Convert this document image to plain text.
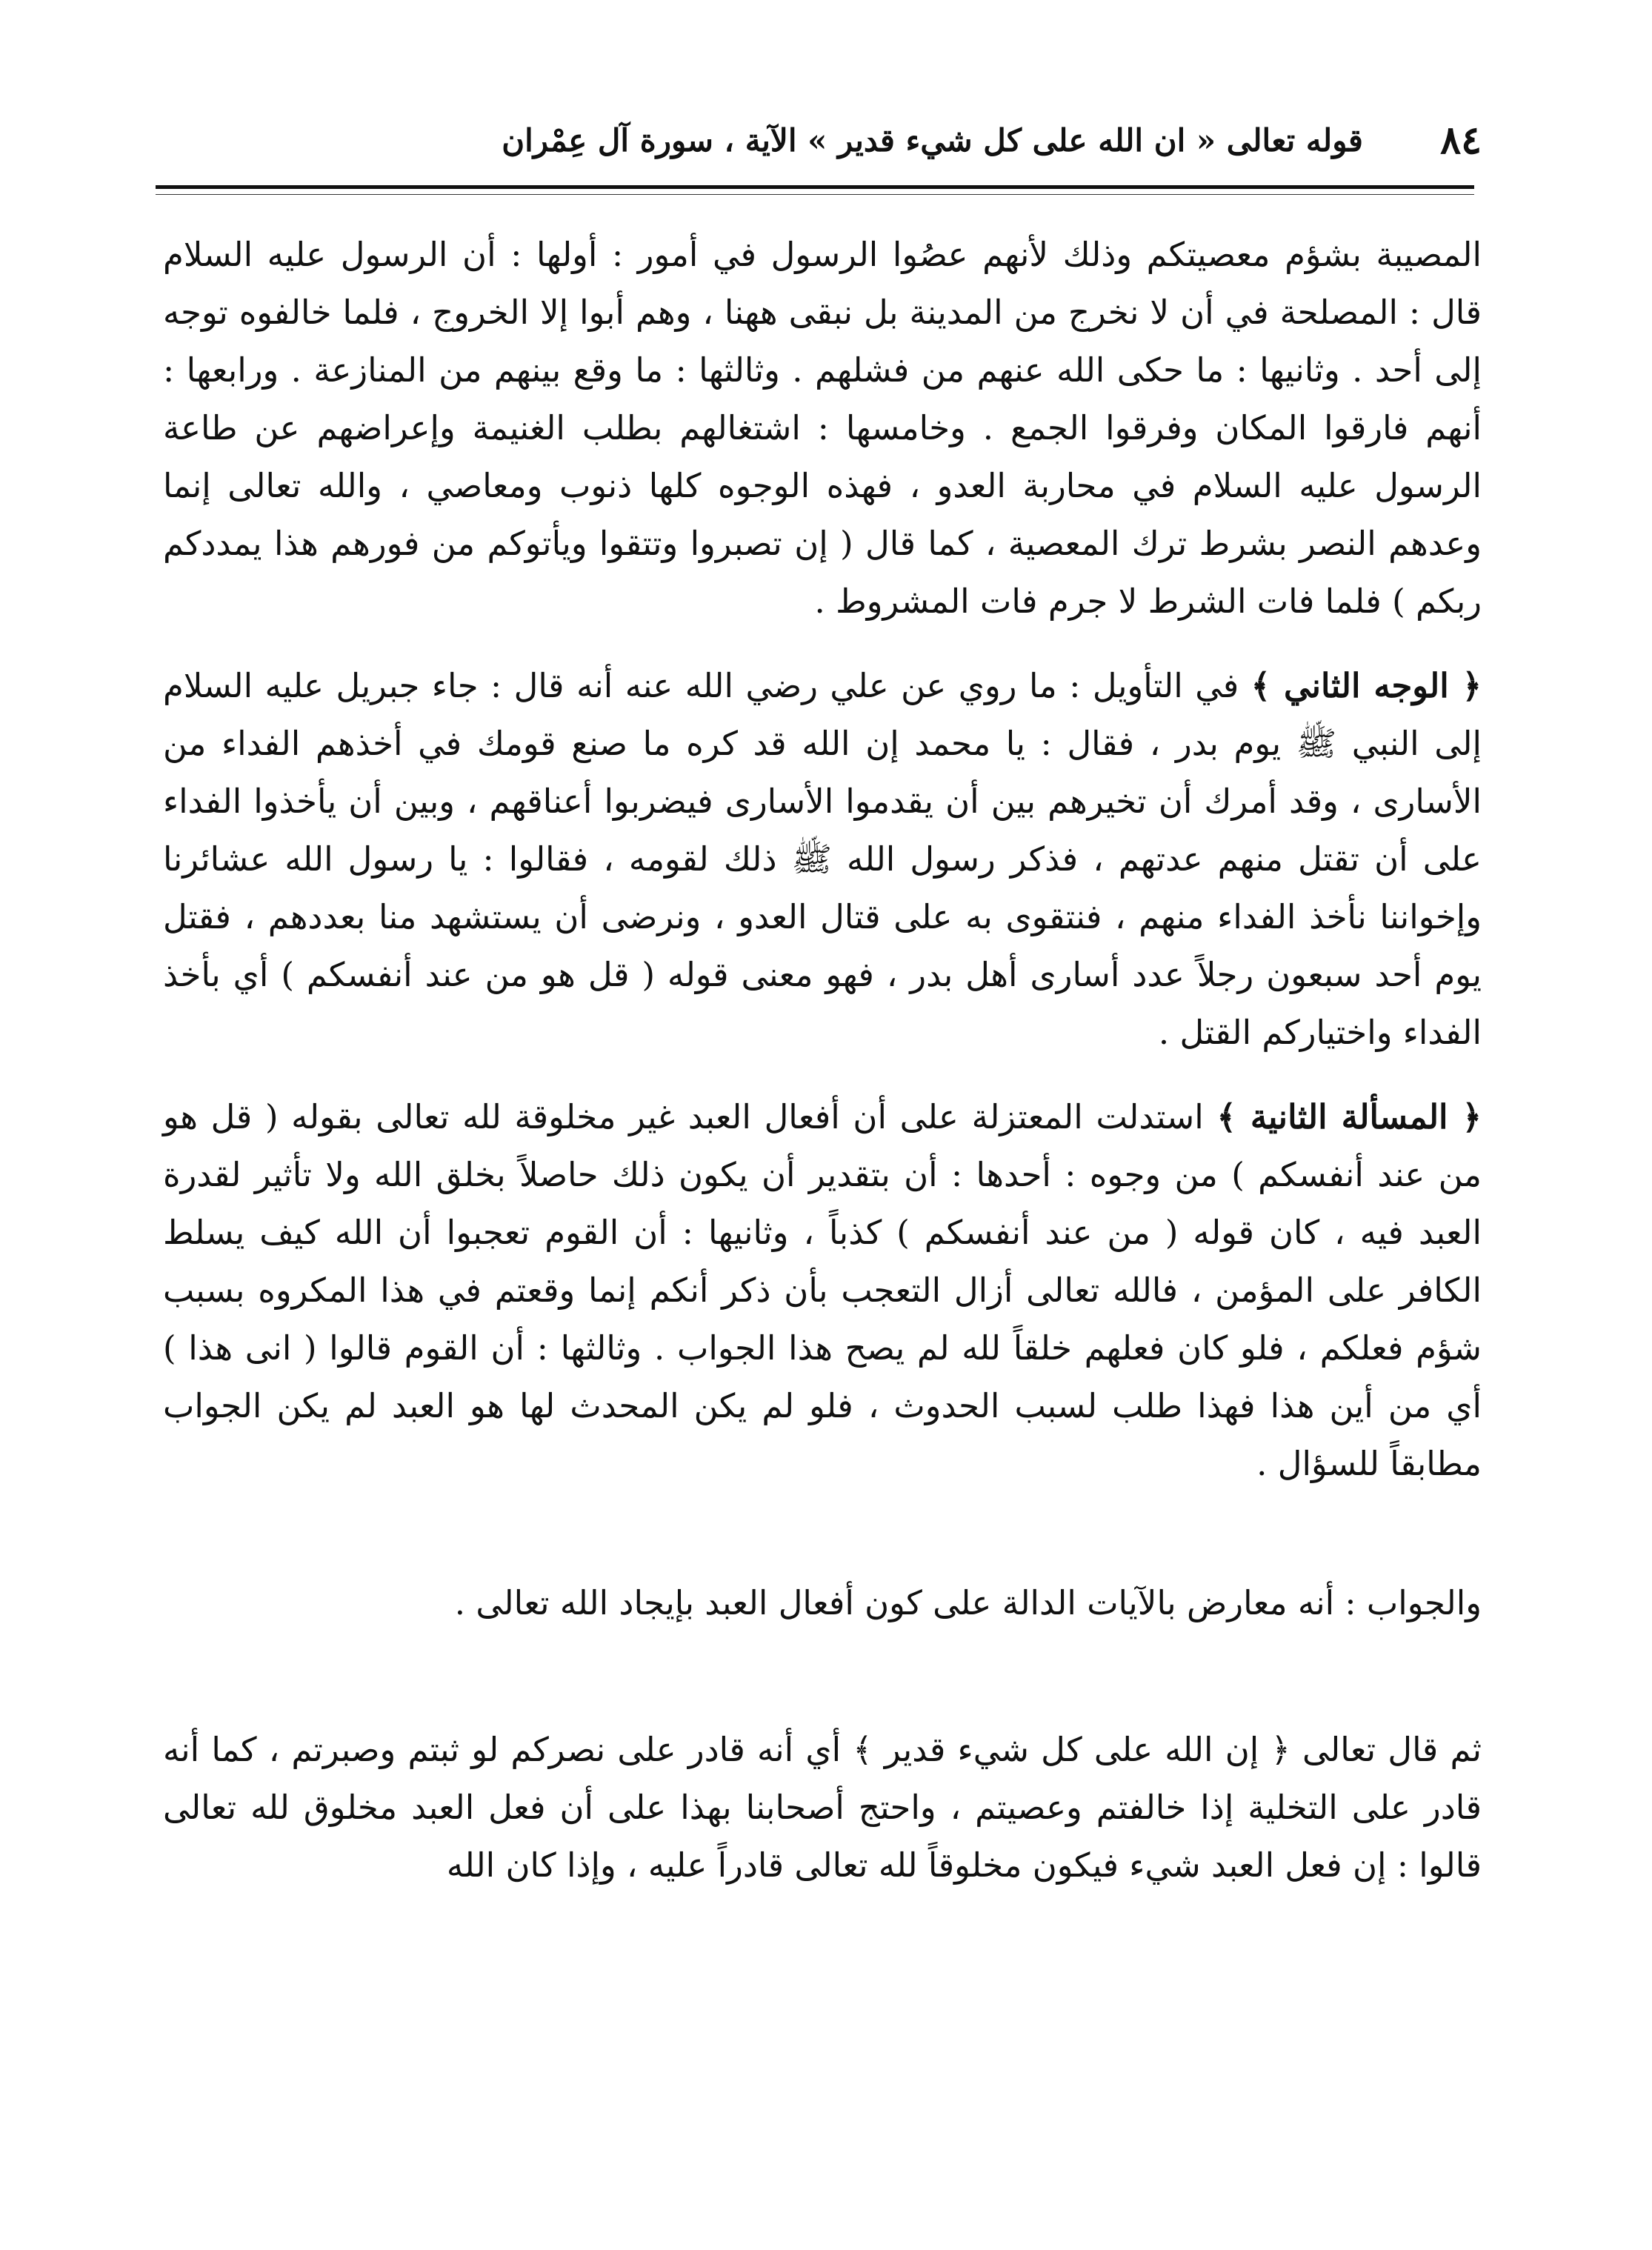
٨٤
قوله تعالى « ان الله على كل شيء قدير » الآية ، سورة آل عِمْران

المصيبة بشؤم معصيتكم وذلك لأنهم عصُوا الرسول في أمور : أولها : أن الرسول عليه السلام قال : المصلحة في أن لا نخرج من المدينة بل نبقى ههنا ، وهم أبوا إلا الخروج ، فلما خالفوه توجه إلى أحد . وثانيها : ما حكى الله عنهم من فشلهم . وثالثها : ما وقع بينهم من المنازعة . ورابعها : أنهم فارقوا المكان وفرقوا الجمع . وخامسها : اشتغالهم بطلب الغنيمة وإعراضهم عن طاعة الرسول عليه السلام في محاربة العدو ، فهذه الوجوه كلها ذنوب ومعاصي ، والله تعالى إنما وعدهم النصر بشرط ترك المعصية ، كما قال ( إن تصبروا وتتقوا ويأتوكم من فورهم هذا يمددكم ربكم ) فلما فات الشرط لا جرم فات المشروط .

﴿ الوجه الثاني ﴾ في التأويل : ما روي عن علي رضي الله عنه أنه قال : جاء جبريل عليه السلام إلى النبي ﷺ يوم بدر ، فقال : يا محمد إن الله قد كره ما صنع قومك في أخذهم الفداء من الأسارى ، وقد أمرك أن تخيرهم بين أن يقدموا الأسارى فيضربوا أعناقهم ، وبين أن يأخذوا الفداء على أن تقتل منهم عدتهم ، فذكر رسول الله ﷺ ذلك لقومه ، فقالوا : يا رسول الله عشائرنا وإخواننا نأخذ الفداء منهم ، فنتقوى به على قتال العدو ، ونرضى أن يستشهد منا بعددهم ، فقتل يوم أحد سبعون رجلاً عدد أسارى أهل بدر ، فهو معنى قوله ( قل هو من عند أنفسكم ) أي بأخذ الفداء واختياركم القتل .

﴿ المسألة الثانية ﴾ استدلت المعتزلة على أن أفعال العبد غير مخلوقة لله تعالى بقوله ( قل هو من عند أنفسكم ) من وجوه : أحدها : أن بتقدير أن يكون ذلك حاصلاً بخلق الله ولا تأثير لقدرة العبد فيه ، كان قوله ( من عند أنفسكم ) كذباً ، وثانيها : أن القوم تعجبوا أن الله كيف يسلط الكافر على المؤمن ، فالله تعالى أزال التعجب بأن ذكر أنكم إنما وقعتم في هذا المكروه بسبب شؤم فعلكم ، فلو كان فعلهم خلقاً لله لم يصح هذا الجواب . وثالثها : أن القوم قالوا ( انى هذا ) أي من أين هذا فهذا طلب لسبب الحدوث ، فلو لم يكن المحدث لها هو العبد لم يكن الجواب مطابقاً للسؤال .

والجواب : أنه معارض بالآيات الدالة على كون أفعال العبد بإيجاد الله تعالى .

ثم قال تعالى ﴿ إن الله على كل شيء قدير ﴾ أي أنه قادر على نصركم لو ثبتم وصبرتم ، كما أنه قادر على التخلية إذا خالفتم وعصيتم ، واحتج أصحابنا بهذا على أن فعل العبد مخلوق لله تعالى قالوا : إن فعل العبد شيء فيكون مخلوقاً لله تعالى قادراً عليه ، وإذا كان الله
